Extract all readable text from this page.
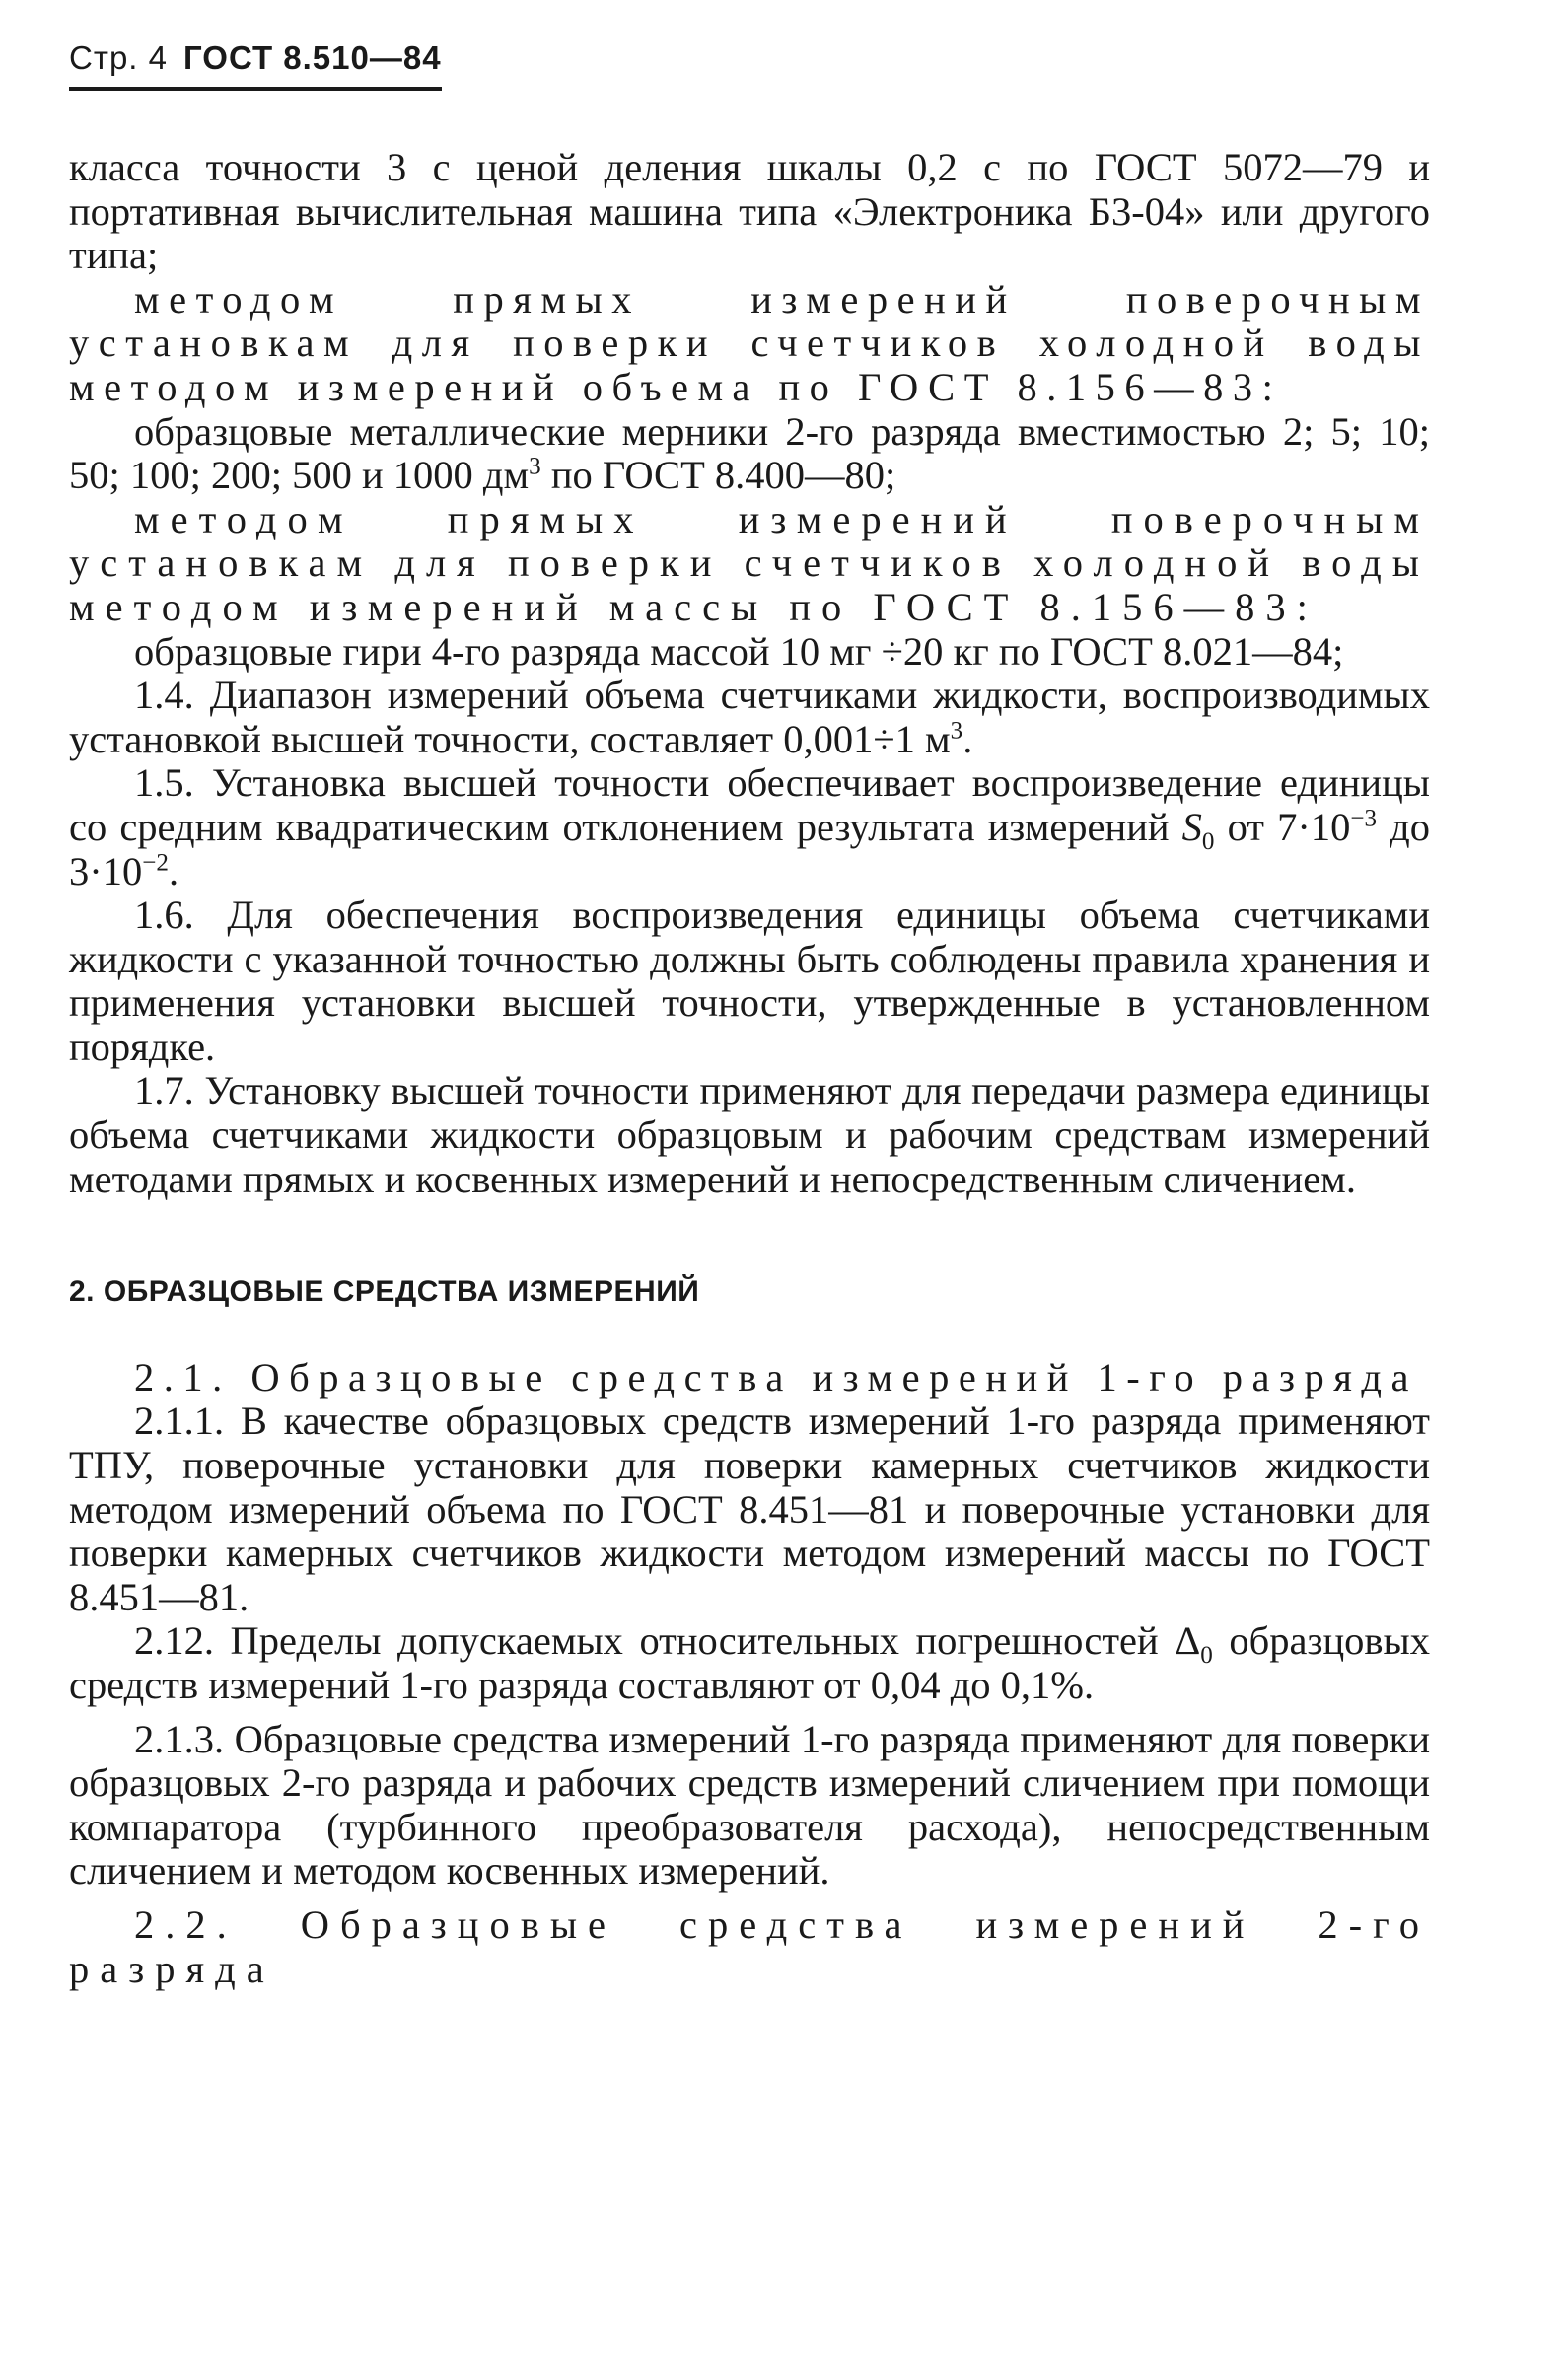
Стр. 4 ГОСТ 8.510—84

класса точности 3 с ценой деления шкалы 0,2 с по ГОСТ 5072—79 и портативная вычислительная машина типа «Электроника Б3-04» или другого типа;

методом прямых измерений поверочным установкам для поверки счетчиков холодной воды методом измерений объема по ГОСТ 8.156—83:

образцовые металлические мерники 2-го разряда вместимостью 2; 5; 10; 50; 100; 200; 500 и 1000 $дм^3$ по ГОСТ 8.400—80;

методом прямых измерений поверочным установкам для поверки счетчиков холодной воды методом измерений массы по ГОСТ 8.156—83:

образцовые гири 4-го разряда массой 10 мг ÷20 кг по ГОСТ 8.021—84;

1.4. Диапазон измерений объема счетчиками жидкости, воспроизводимых установкой высшей точности, составляет 0,001÷1 $м^3$.

1.5. Установка высшей точности обеспечивает воспроизведение единицы со средним квадратическим отклонением результата измерений $S_0$ от $7\cdot 10^{-3}$ до $3\cdot 10^{-2}$.

1.6. Для обеспечения воспроизведения единицы объема счетчиками жидкости с указанной точностью должны быть соблюдены правила хранения и применения установки высшей точности, утвержденные в установленном порядке.

1.7. Установку высшей точности применяют для передачи размера единицы объема счетчиками жидкости образцовым и рабочим средствам измерений методами прямых и косвенных измерений и непосредственным сличением.

2. ОБРАЗЦОВЫЕ СРЕДСТВА ИЗМЕРЕНИЙ

2.1. Образцовые средства измерений 1-го разряда

2.1.1. В качестве образцовых средств измерений 1-го разряда применяют ТПУ, поверочные установки для поверки камерных счетчиков жидкости методом измерений объема по ГОСТ 8.451—81 и поверочные установки для поверки камерных счетчиков жидкости методом измерений массы по ГОСТ 8.451—81.

2.12. Пределы допускаемых относительных погрешностей $\Delta_0$ образцовых средств измерений 1-го разряда составляют от 0,04 до 0,1%.

2.1.3. Образцовые средства измерений 1-го разряда применяют для поверки образцовых 2-го разряда и рабочих средств измерений сличением при помощи компаратора (турбинного преобразователя расхода), непосредственным сличением и методом косвенных измерений.

2.2. Образцовые средства измерений 2-го разряда
